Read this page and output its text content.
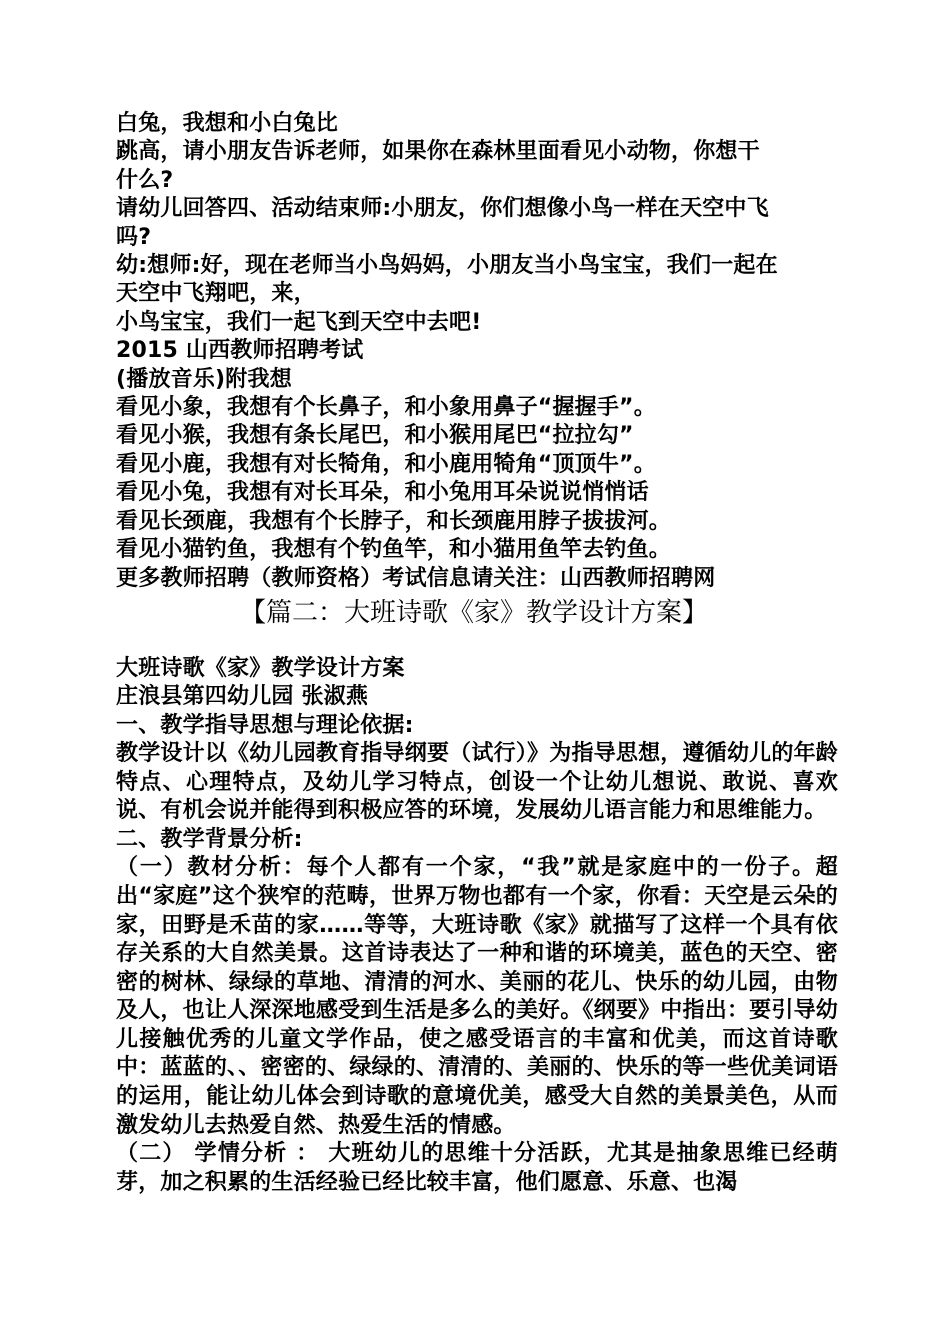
白兔，我想和小白兔比
跳高，请小朋友告诉老师，如果你在森林里面看见小动物，你想干
什么?
请幼儿回答四、活动结束师:小朋友，你们想像小鸟一样在天空中飞
吗?
幼:想师:好，现在老师当小鸟妈妈，小朋友当小鸟宝宝，我们一起在
天空中飞翔吧，来，
小鸟宝宝，我们一起飞到天空中去吧!
2015 山西教师招聘考试
(播放音乐)附我想
看见小象，我想有个长鼻子，和小象用鼻子“握握手”。
看见小猴，我想有条长尾巴，和小猴用尾巴“拉拉勾”
看见小鹿，我想有对长犄角，和小鹿用犄角“顶顶牛”。
看见小兔，我想有对长耳朵，和小兔用耳朵说说悄悄话
看见长颈鹿，我想有个长脖子，和长颈鹿用脖子拔拔河。
看见小猫钓鱼，我想有个钓鱼竿，和小猫用鱼竿去钓鱼。
更多教师招聘（教师资格）考试信息请关注：山西教师招聘网
【篇二：大班诗歌《家》教学设计方案】
大班诗歌《家》教学设计方案
庄浪县第四幼儿园 张淑燕
一、教学指导思想与理论依据:
教学设计以《幼儿园教育指导纲要（试行）》为指导思想，遵循幼儿的年龄特点、心理特点，及幼儿学习特点，创设一个让幼儿想说、敢说、喜欢说、有机会说并能得到积极应答的环境，发展幼儿语言能力和思维能力。
二、教学背景分析:
（一）教材分析：每个人都有一个家，“我”就是家庭中的一份子。超出“家庭”这个狭窄的范畴，世界万物也都有一个家，你看：天空是云朵的家，田野是禾苗的家……等等，大班诗歌《家》就描写了这样一个具有依存关系的大自然美景。这首诗表达了一种和谐的环境美，蓝色的天空、密密的树林、绿绿的草地、清清的河水、美丽的花儿、快乐的幼儿园，由物及人，也让人深深地感受到生活是多么的美好。《纲要》中指出：要引导幼儿接触优秀的儿童文学作品，使之感受语言的丰富和优美，而这首诗歌中：蓝蓝的、、密密的、绿绿的、清清的、美丽的、快乐的等一些优美词语的运用，能让幼儿体会到诗歌的意境优美，感受大自然的美景美色，从而激发幼儿去热爱自然、热爱生活的情感。
（二） 学情分析 ： 大班幼儿的思维十分活跃，尤其是抽象思维已经萌芽，加之积累的生活经验已经比较丰富，他们愿意、乐意、也渴
